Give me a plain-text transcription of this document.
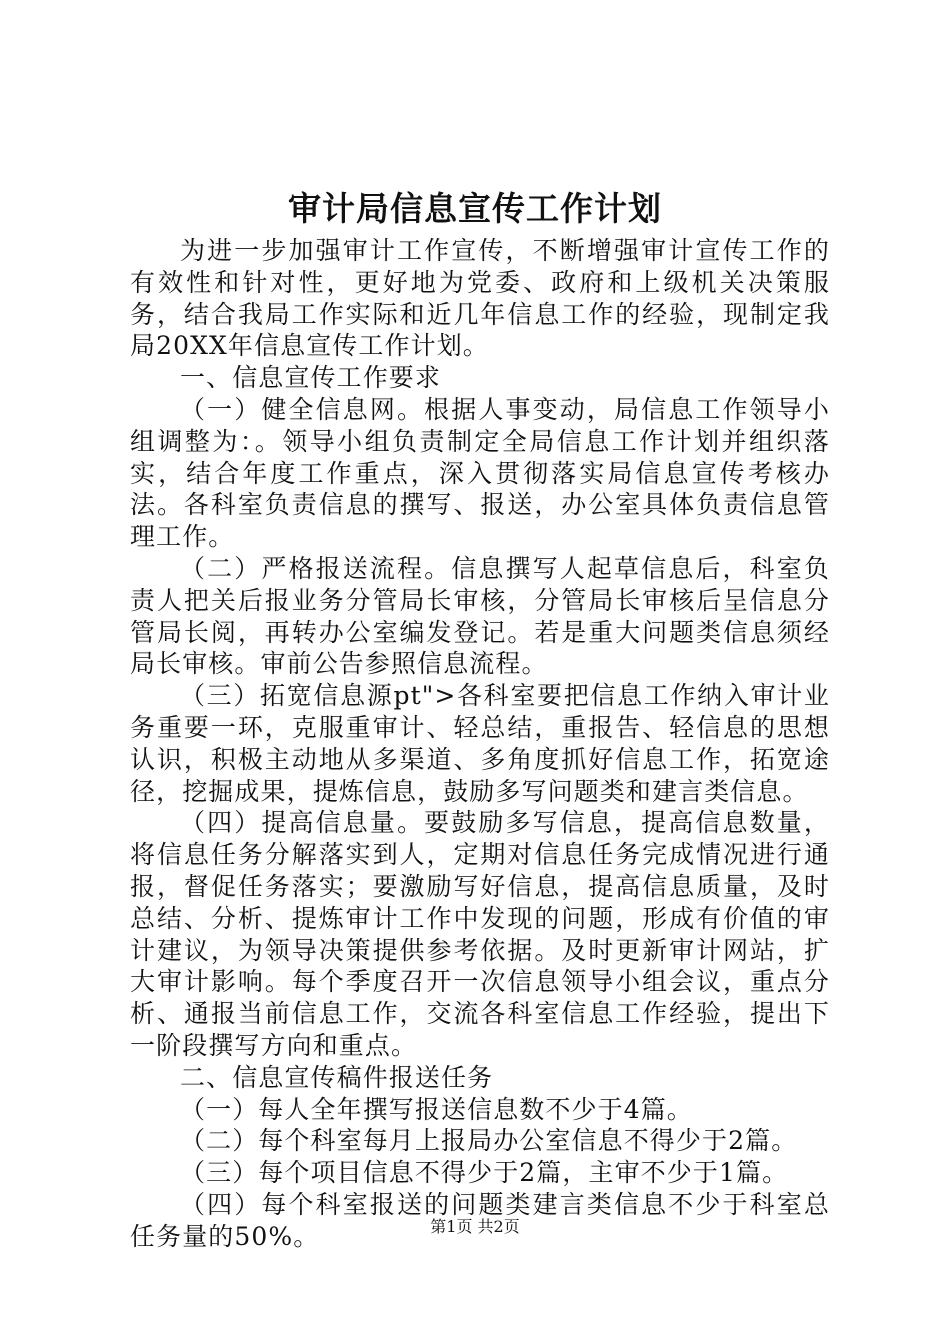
审计局信息宣传工作计划

为进一步加强审计工作宣传，不断增强审计宣传工作的有效性和针对性，更好地为党委、政府和上级机关决策服务，结合我局工作实际和近几年信息工作的经验，现制定我局20XX年信息宣传工作计划。

一、信息宣传工作要求

（一）健全信息网。根据人事变动，局信息工作领导小组调整为：。领导小组负责制定全局信息工作计划并组织落实，结合年度工作重点，深入贯彻落实局信息宣传考核办法。各科室负责信息的撰写、报送，办公室具体负责信息管理工作。

（二）严格报送流程。信息撰写人起草信息后，科室负责人把关后报业务分管局长审核，分管局长审核后呈信息分管局长阅，再转办公室编发登记。若是重大问题类信息须经局长审核。审前公告参照信息流程。

（三）拓宽信息源pt">各科室要把信息工作纳入审计业务重要一环，克服重审计、轻总结，重报告、轻信息的思想认识，积极主动地从多渠道、多角度抓好信息工作，拓宽途径，挖掘成果，提炼信息，鼓励多写问题类和建言类信息。

（四）提高信息量。要鼓励多写信息，提高信息数量，将信息任务分解落实到人，定期对信息任务完成情况进行通报，督促任务落实；要激励写好信息，提高信息质量，及时总结、分析、提炼审计工作中发现的问题，形成有价值的审计建议，为领导决策提供参考依据。及时更新审计网站，扩大审计影响。每个季度召开一次信息领导小组会议，重点分析、通报当前信息工作，交流各科室信息工作经验，提出下一阶段撰写方向和重点。

二、信息宣传稿件报送任务

（一）每人全年撰写报送信息数不少于4篇。

（二）每个科室每月上报局办公室信息不得少于2篇。

（三）每个项目信息不得少于2篇，主审不少于1篇。

（四）每个科室报送的问题类建言类信息不少于科室总任务量的50%。	第1页 共2页
